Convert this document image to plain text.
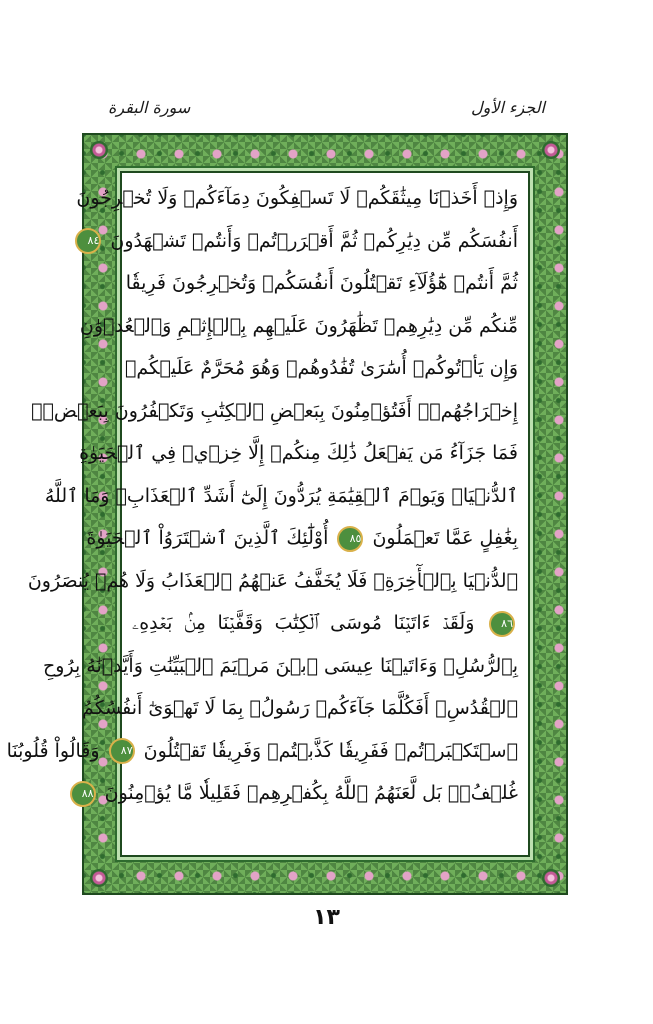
الجزء الأول
سورة البقرة
وَإِذۡ أَخَذۡنَا مِيثَٰقَكُمۡ لَا تَسۡفِكُونَ دِمَآءَكُمۡ وَلَا تُخۡرِجُونَ
أَنفُسَكُم مِّن دِيَٰرِكُمۡ ثُمَّ أَقۡرَرۡتُمۡ وَأَنتُمۡ تَشۡهَدُونَ ٨٤
ثُمَّ أَنتُمۡ هَٰٓؤُلَآءِ تَقۡتُلُونَ أَنفُسَكُمۡ وَتُخۡرِجُونَ فَرِيقٗا
مِّنكُم مِّن دِيَٰرِهِمۡ تَظَٰهَرُونَ عَلَيۡهِم بِٱلۡإِثۡمِ وَٱلۡعُدۡوَٰنِ
وَإِن يَأۡتُوكُمۡ أُسَٰرَىٰ تُفَٰدُوهُمۡ وَهُوَ مُحَرَّمٌ عَلَيۡكُمۡ
إِخۡرَاجُهُمۡۚ أَفَتُؤۡمِنُونَ بِبَعۡضِ ٱلۡكِتَٰبِ وَتَكۡفُرُونَ بِبَعۡضٖۚ
فَمَا جَزَآءُ مَن يَفۡعَلُ ذَٰلِكَ مِنكُمۡ إِلَّا خِزۡيٞ فِي ٱلۡحَيَوٰةِ
ٱلدُّنۡيَاۖ وَيَوۡمَ ٱلۡقِيَٰمَةِ يُرَدُّونَ إِلَىٰٓ أَشَدِّ ٱلۡعَذَابِۗ وَمَا ٱللَّهُ
بِغَٰفِلٍ عَمَّا تَعۡمَلُونَ ٨٥ أُوْلَٰٓئِكَ ٱلَّذِينَ ٱشۡتَرَوُاْ ٱلۡحَيَوٰةَ
ٱلدُّنۡيَا بِٱلۡأٓخِرَةِۖ فَلَا يُخَفَّفُ عَنۡهُمُ ٱلۡعَذَابُ وَلَا هُمۡ يُنصَرُونَ
٨٦ وَلَقَدۡ ءَاتَيۡنَا مُوسَى ٱلۡكِتَٰبَ وَقَفَّيۡنَا مِنۢ بَعۡدِهِۦ
بِٱلرُّسُلِۖ وَءَاتَيۡنَا عِيسَى ٱبۡنَ مَرۡيَمَ ٱلۡبَيِّنَٰتِ وَأَيَّدۡنَٰهُ بِرُوحِ
ٱلۡقُدُسِۗ أَفَكُلَّمَا جَآءَكُمۡ رَسُولُۢ بِمَا لَا تَهۡوَىٰٓ أَنفُسُكُمُ
ٱسۡتَكۡبَرۡتُمۡ فَفَرِيقٗا كَذَّبۡتُمۡ وَفَرِيقٗا تَقۡتُلُونَ ٨٧ وَقَالُواْ قُلُوبُنَا
غُلۡفُۢۚ بَل لَّعَنَهُمُ ٱللَّهُ بِكُفۡرِهِمۡ فَقَلِيلٗا مَّا يُؤۡمِنُونَ ٨٨
١٣
